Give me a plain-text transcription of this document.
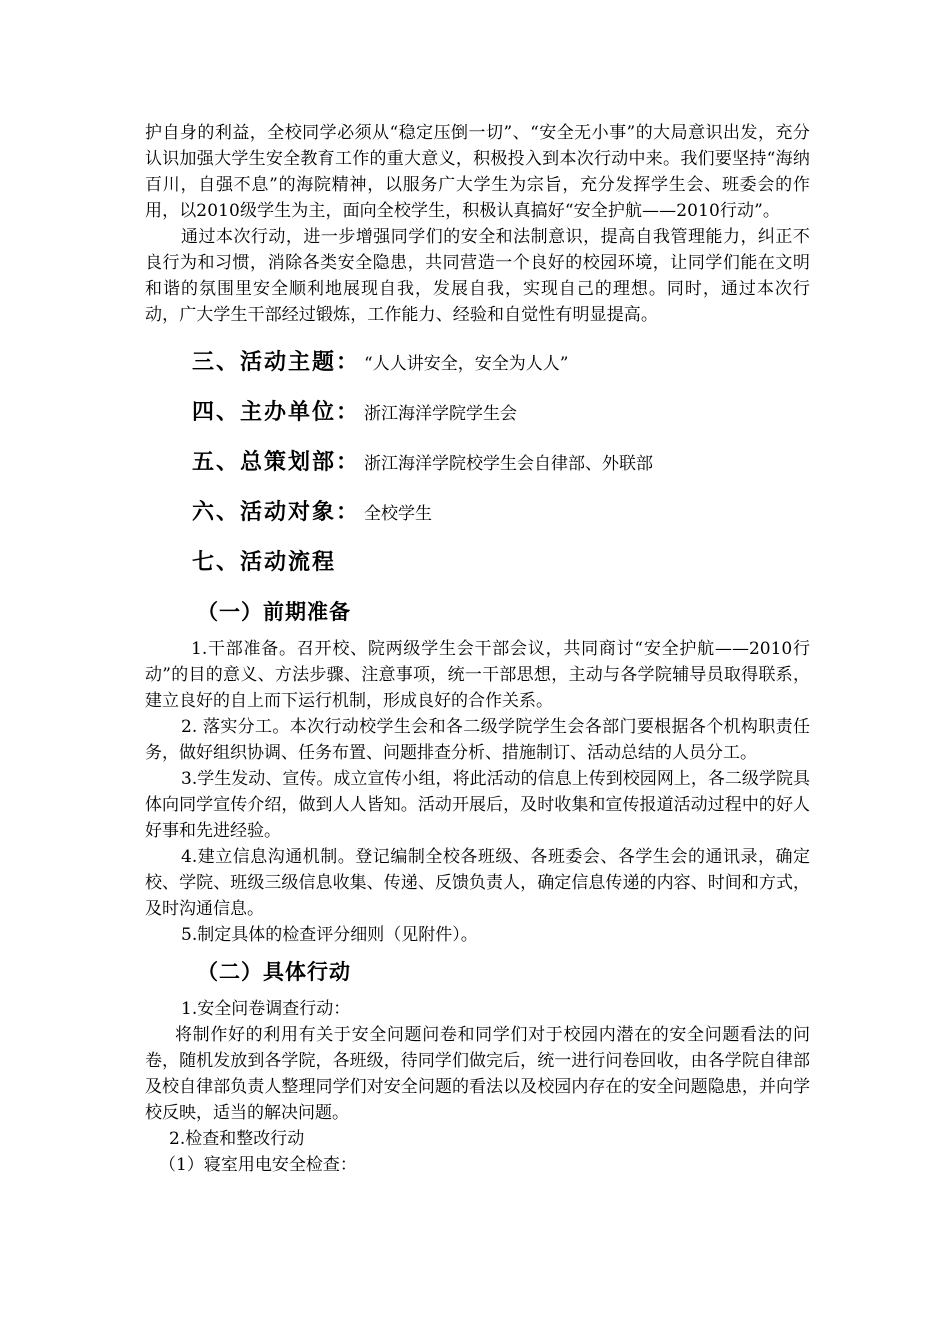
护自身的利益，全校同学必须从“稳定压倒一切”、“安全无小事”的大局意识出发，充分认识加强大学生安全教育工作的重大意义，积极投入到本次行动中来。我们要坚持“海纳百川，自强不息”的海院精神，以服务广大学生为宗旨，充分发挥学生会、班委会的作用，以2010级学生为主，面向全校学生，积极认真搞好“安全护航——2010行动”。

通过本次行动，进一步增强同学们的安全和法制意识，提高自我管理能力，纠正不良行为和习惯，消除各类安全隐患，共同营造一个良好的校园环境，让同学们能在文明和谐的氛围里安全顺利地展现自我，发展自我，实现自己的理想。同时，通过本次行动，广大学生干部经过锻炼，工作能力、经验和自觉性有明显提高。

三、活动主题： “人人讲安全，安全为人人”
四、主办单位： 浙江海洋学院学生会
五、总策划部： 浙江海洋学院校学生会自律部、外联部
六、活动对象： 全校学生
七、活动流程
（一）前期准备

1.干部准备。召开校、院两级学生会干部会议，共同商讨“安全护航——2010行动”的目的意义、方法步骤、注意事项，统一干部思想，主动与各学院辅导员取得联系，建立良好的自上而下运行机制，形成良好的合作关系。

2. 落实分工。本次行动校学生会和各二级学院学生会各部门要根据各个机构职责任务，做好组织协调、任务布置、问题排查分析、措施制订、活动总结的人员分工。

3.学生发动、宣传。成立宣传小组，将此活动的信息上传到校园网上，各二级学院具体向同学宣传介绍，做到人人皆知。活动开展后，及时收集和宣传报道活动过程中的好人好事和先进经验。

4.建立信息沟通机制。登记编制全校各班级、各班委会、各学生会的通讯录，确定校、学院、班级三级信息收集、传递、反馈负责人，确定信息传递的内容、时间和方式，及时沟通信息。

5.制定具体的检查评分细则（见附件）。

（二）具体行动

1.安全问卷调查行动：

将制作好的利用有关于安全问题问卷和同学们对于校园内潜在的安全问题看法的问卷，随机发放到各学院，各班级，待同学们做完后，统一进行问卷回收，由各学院自律部及校自律部负责人整理同学们对安全问题的看法以及校园内存在的安全问题隐患，并向学校反映，适当的解决问题。

2.检查和整改行动

（1）寝室用电安全检查：
